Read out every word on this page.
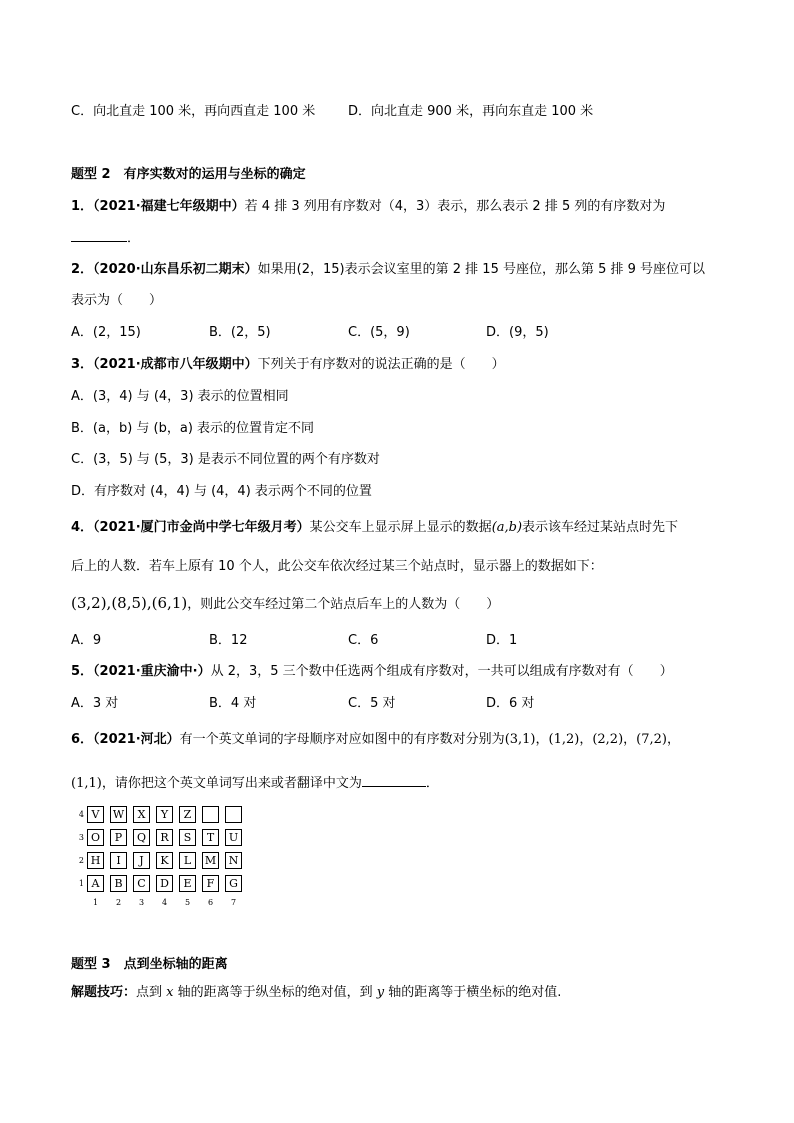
C．向北直走 100 米，再向西直走 100 米	D．向北直走 900 米，再向东直走 100 米
题型 2　有序实数对的运用与坐标的确定
1．（2021·福建七年级期中）若 4 排 3 列用有序数对（4，3）表示，那么表示 2 排 5 列的有序数对为
．
2．（2020·山东昌乐初二期末）如果用(2，15)表示会议室里的第 2 排 15 号座位，那么第 5 排 9 号座位可以
表示为（　　）
A．(2，15)	B．(2，5)	C．(5，9)	D．(9，5)
3．（2021·成都市八年级期中）下列关于有序数对的说法正确的是（　　）
A．(3，4) 与 (4，3) 表示的位置相同
B．(a，b) 与 (b，a) 表示的位置肯定不同
C．(3，5) 与 (5，3) 是表示不同位置的两个有序数对
D．有序数对 (4，4) 与 (4，4) 表示两个不同的位置
4．（2021·厦门市金尚中学七年级月考）某公交车上显示屏上显示的数据(a,b)表示该车经过某站点时先下
后上的人数．若车上原有 10 个人，此公交车依次经过某三个站点时，显示器上的数据如下：
(3,2),(8,5),(6,1)，则此公交车经过第二个站点后车上的人数为（　　）
A．9	B．12	C．6	D．1
5．（2021·重庆渝中·）从 2，3，5 三个数中任选两个组成有序数对，一共可以组成有序数对有（　　）
A．3 对	B．4 对	C．5 对	D．6 对
6．（2021·河北）有一个英文单词的字母顺序对应如图中的有序数对分别为(3,1)，(1,2)，(2,2)，(7,2)，
(1,1)，请你把这个英文单词写出来或者翻译中文为	．
4 V	W	X	Y	Z
3 O	P	Q	R	S	T	U
2 H	I	J	K	L	M	N
1 A	B	C	D	E	F	G
1	2	3	4	5	6	7
题型 3　点到坐标轴的距离
解题技巧：点到 x 轴的距离等于纵坐标的绝对值，到 y 轴的距离等于横坐标的绝对值.
